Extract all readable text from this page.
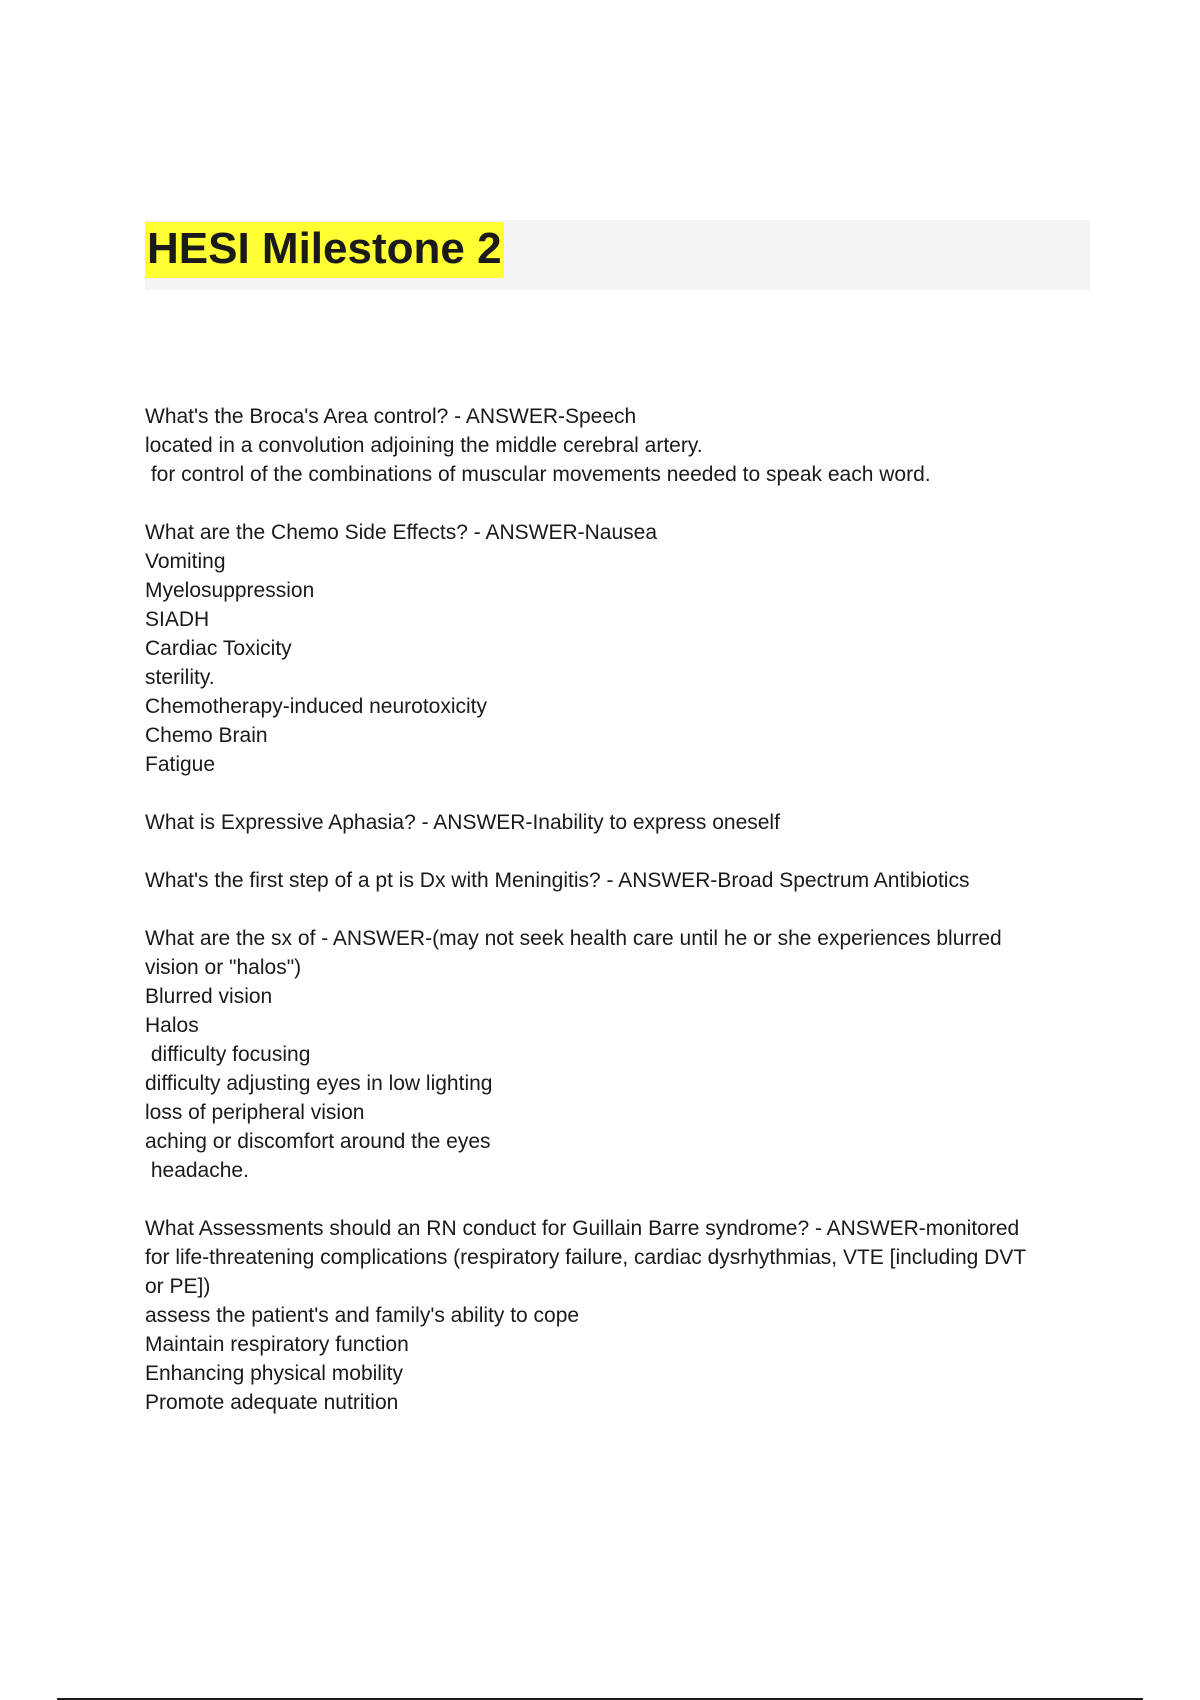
HESI Milestone 2
What's the Broca's Area control? - ANSWER-Speech
located in a convolution adjoining the middle cerebral artery.
for control of the combinations of muscular movements needed to speak each word.
What are the Chemo Side Effects? - ANSWER-Nausea
Vomiting
Myelosuppression
SIADH
Cardiac Toxicity
sterility.
Chemotherapy-induced neurotoxicity
Chemo Brain
Fatigue
What is Expressive Aphasia? - ANSWER-Inability to express oneself
What's the first step of a pt is Dx with Meningitis? - ANSWER-Broad Spectrum Antibiotics
What are the sx of - ANSWER-(may not seek health care until he or she experiences blurred
vision or "halos")
Blurred vision
Halos
difficulty focusing
difficulty adjusting eyes in low lighting
loss of peripheral vision
aching or discomfort around the eyes
headache.
What Assessments should an RN conduct for Guillain Barre syndrome? - ANSWER-monitored
for life-threatening complications (respiratory failure, cardiac dysrhythmias, VTE [including DVT
or PE])
assess the patient's and family's ability to cope
Maintain respiratory function
Enhancing physical mobility
Promote adequate nutrition
